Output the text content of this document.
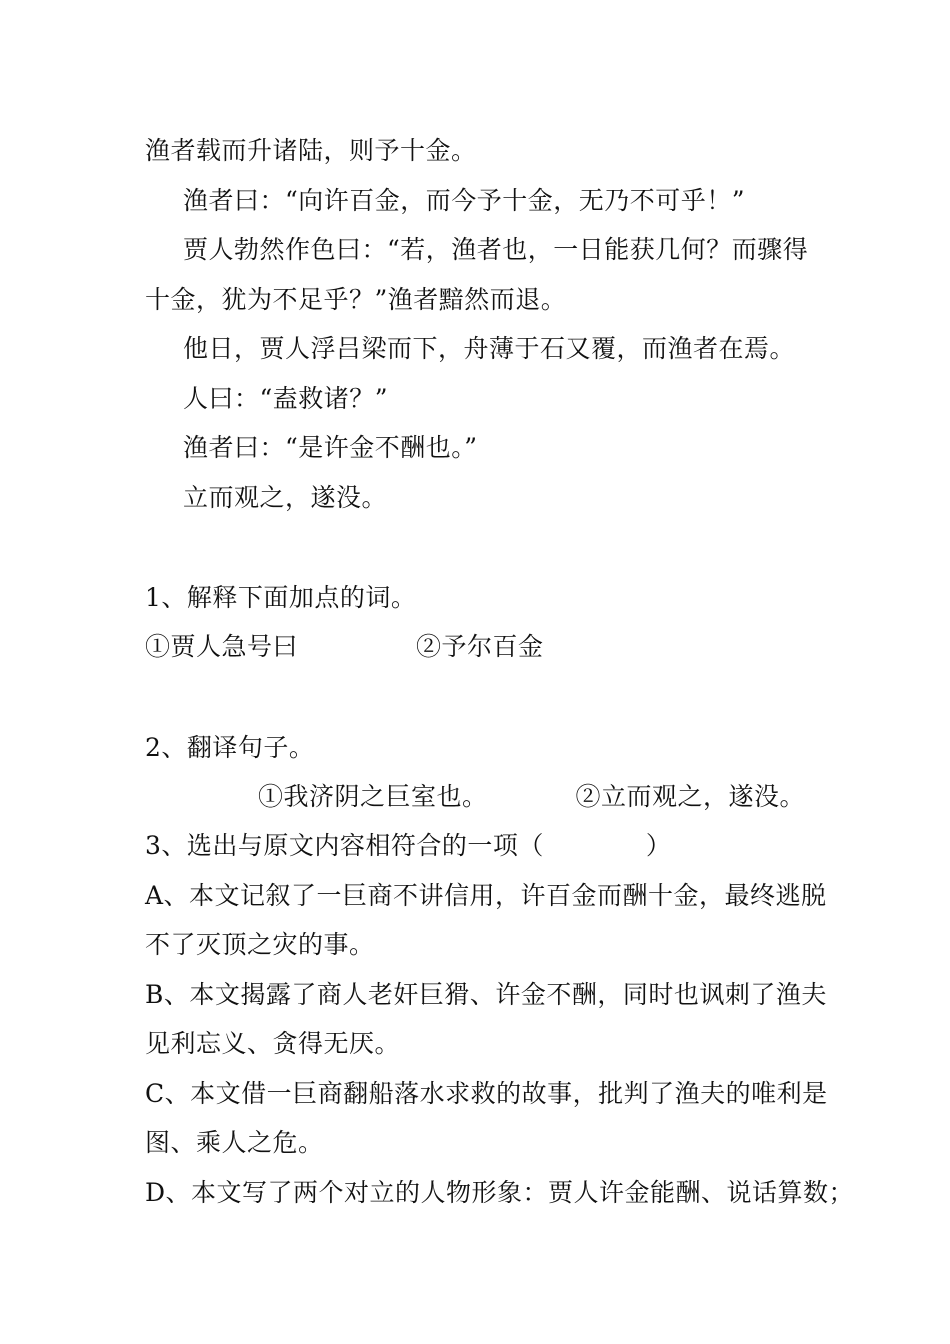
渔者载而升诸陆，则予十金。
渔者曰：“向许百金，而今予十金，无乃不可乎！”
贾人勃然作色曰：“若，渔者也，一日能获几何？而骤得
十金，犹为不足乎？”渔者黯然而退。
他日，贾人浮吕梁而下，舟薄于石又覆，而渔者在焉。
人曰：“盍救诸？”
渔者曰：“是许金不酬也。”
立而观之，遂没。
1、解释下面加点的词。
①贾人急号曰	②予尔百金
2、翻译句子。
①我济阴之巨室也。	②立而观之，遂没。
3、选出与原文内容相符合的一项（　　　　）
A、本文记叙了一巨商不讲信用，许百金而酬十金，最终逃脱
不了灭顶之灾的事。
B、本文揭露了商人老奸巨猾、许金不酬，同时也讽刺了渔夫
见利忘义、贪得无厌。
C、本文借一巨商翻船落水求救的故事，批判了渔夫的唯利是
图、乘人之危。
D、本文写了两个对立的人物形象：贾人许金能酬、说话算数；
